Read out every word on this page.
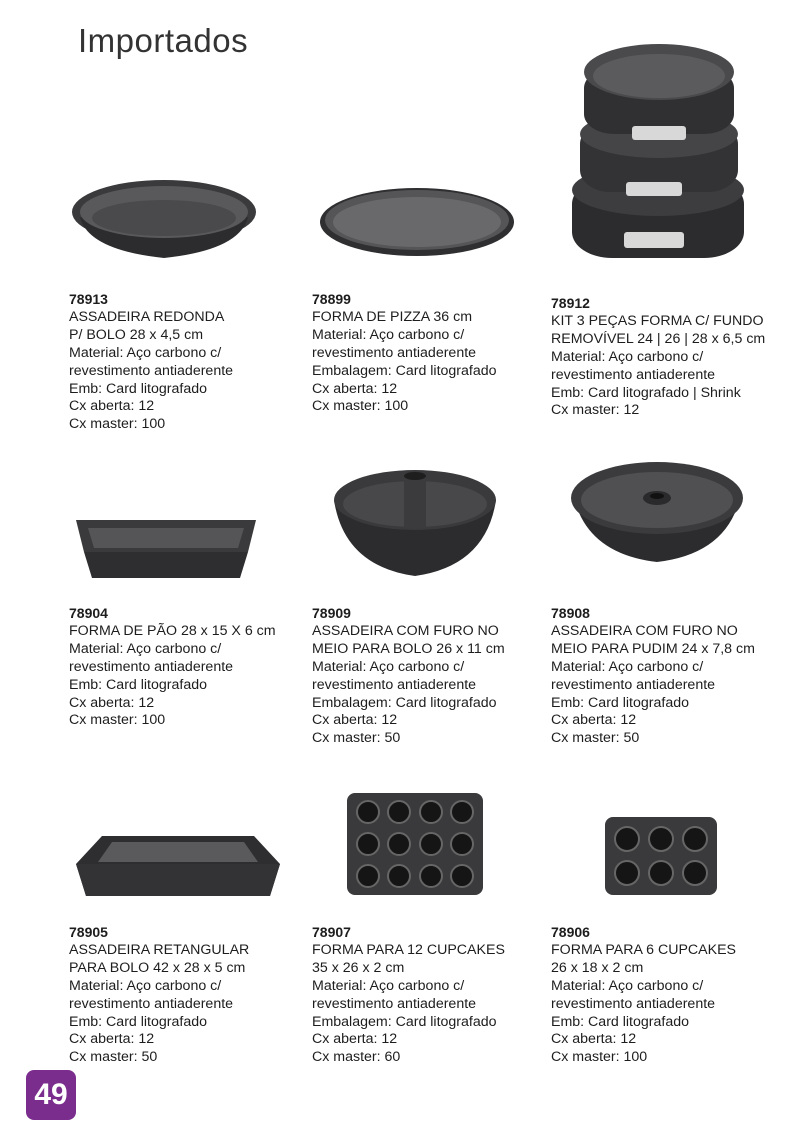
Importados
78913
ASSADEIRA REDONDA
P/ BOLO 28 x 4,5 cm
Material: Aço carbono c/
revestimento antiaderente
Emb: Card litografado
Cx aberta: 12
Cx master: 100
78899
FORMA DE PIZZA 36 cm
Material: Aço carbono c/
revestimento antiaderente
Embalagem: Card litografado
Cx aberta: 12
Cx master: 100
78912
KIT 3 PEÇAS FORMA C/ FUNDO
REMOVÍVEL 24 | 26 | 28 x 6,5 cm
Material: Aço carbono c/
revestimento antiaderente
Emb: Card litografado | Shrink
Cx master: 12
78904
FORMA DE PÃO 28 x 15 X 6 cm
Material: Aço carbono c/
revestimento antiaderente
Emb: Card litografado
Cx aberta: 12
Cx master: 100
78909
ASSADEIRA COM FURO NO
MEIO PARA BOLO 26 x 11 cm
Material: Aço carbono c/
revestimento antiaderente
Embalagem: Card litografado
Cx aberta: 12
Cx master: 50
78908
ASSADEIRA COM FURO NO
MEIO PARA PUDIM 24 x 7,8 cm
Material: Aço carbono c/
revestimento antiaderente
Emb: Card litografado
Cx aberta: 12
Cx master: 50
78905
ASSADEIRA RETANGULAR
PARA BOLO 42 x 28 x 5 cm
Material: Aço carbono c/
revestimento antiaderente
Emb: Card litografado
Cx aberta: 12
Cx master: 50
78907
FORMA PARA 12 CUPCAKES
35 x 26 x 2 cm
Material: Aço carbono c/
revestimento antiaderente
Embalagem: Card litografado
Cx aberta: 12
Cx master: 60
78906
FORMA PARA 6 CUPCAKES
26 x 18 x 2 cm
Material: Aço carbono c/
revestimento antiaderente
Emb: Card litografado
Cx aberta: 12
Cx master: 100
49
